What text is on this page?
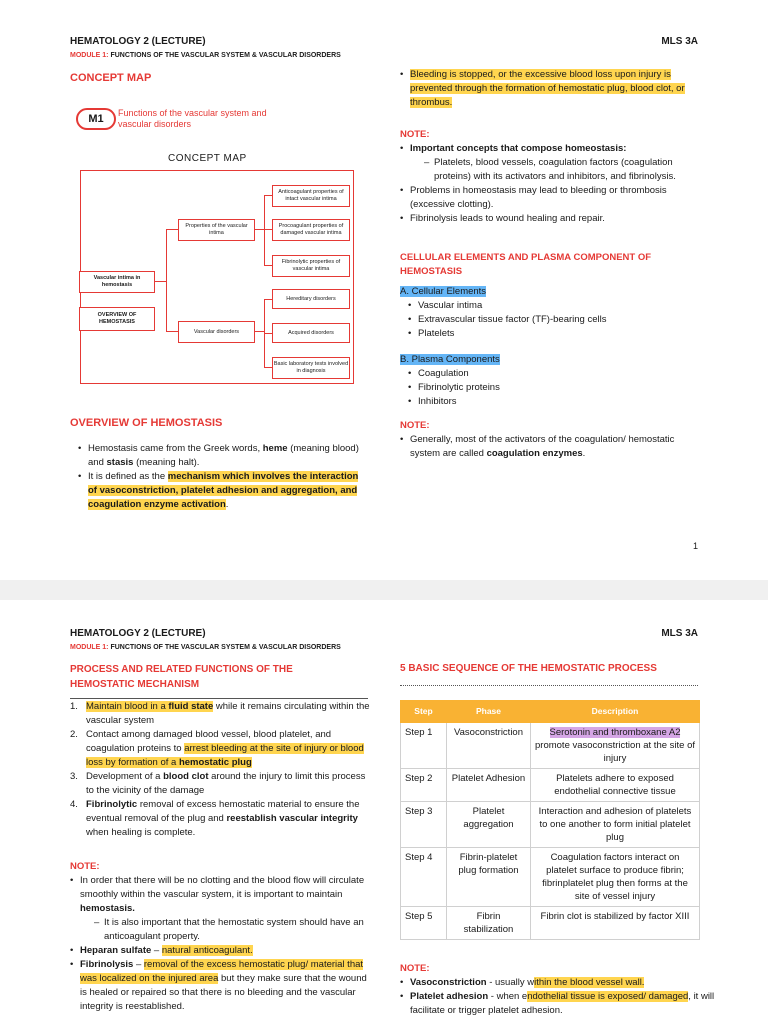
HEMATOLOGY 2 (LECTURE)	MLS 3A
MODULE 1: FUNCTIONS OF THE VASCULAR SYSTEM & VASCULAR DISORDERS
CONCEPT MAP
M1	Functions of the vascular system and vascular disorders
CONCEPT MAP
Vascular intima in hemostasis
OVERVIEW OF HEMOSTASIS
Properties of the vascular intima
Vascular disorders
Anticoagulant properties of intact vascular intima
Procoagulant properties of damaged vascular intima
Fibrinolytic properties of vascular intima
Hereditary disorders
Acquired disorders
Basic laboratory tests involved in diagnosis
OVERVIEW OF HEMOSTASIS
• Hemostasis came from the Greek words, heme (meaning blood) and stasis (meaning halt).
• It is defined as the mechanism which involves the interaction of vasoconstriction, platelet adhesion and aggregation, and coagulation enzyme activation.
• Bleeding is stopped, or the excessive blood loss upon injury is prevented through the formation of hemostatic plug, blood clot, or thrombus.
NOTE:
• Important concepts that compose homeostasis:
– Platelets, blood vessels, coagulation factors (coagulation proteins) with its activators and inhibitors, and fibrinolysis.
• Problems in homeostasis may lead to bleeding or thrombosis (excessive clotting).
• Fibrinolysis leads to wound healing and repair.
CELLULAR ELEMENTS AND PLASMA COMPONENT OF HEMOSTASIS
A. Cellular Elements
• Vascular intima
• Extravascular tissue factor (TF)-bearing cells
• Platelets
B. Plasma Components
• Coagulation
• Fibrinolytic proteins
• Inhibitors
NOTE:
• Generally, most of the activators of the coagulation/ hemostatic system are called coagulation enzymes.
1
HEMATOLOGY 2 (LECTURE)	MLS 3A
MODULE 1: FUNCTIONS OF THE VASCULAR SYSTEM & VASCULAR DISORDERS
PROCESS AND RELATED FUNCTIONS OF THE HEMOSTATIC MECHANISM
1. Maintain blood in a fluid state while it remains circulating within the vascular system
2. Contact among damaged blood vessel, blood platelet, and coagulation proteins to arrest bleeding at the site of injury or blood loss by formation of a hemostatic plug
3. Development of a blood clot around the injury to limit this process to the vicinity of the damage
4. Fibrinolytic removal of excess hemostatic material to ensure the eventual removal of the plug and reestablish vascular integrity when healing is complete.
NOTE:
• In order that there will be no clotting and the blood flow will circulate smoothly within the vascular system, it is important to maintain hemostasis.
– It is also important that the hemostatic system should have an anticoagulant property.
• Heparan sulfate – natural anticoagulant.
• Fibrinolysis – removal of the excess hemostatic plug/ material that was localized on the injured area but they make sure that the wound is healed or repaired so that there is no bleeding and the vascular integrity is reestablished.
5 BASIC SEQUENCE OF THE HEMOSTATIC PROCESS
Step	Phase	Description
Step 1	Vasoconstriction	Serotonin and thromboxane A2 promote vasoconstriction at the site of injury
Step 2	Platelet Adhesion	Platelets adhere to exposed endothelial connective tissue
Step 3	Platelet aggregation	Interaction and adhesion of platelets to one another to form initial platelet plug
Step 4	Fibrin-platelet plug formation	Coagulation factors interact on platelet surface to produce fibrin; fibrinplatelet plug then forms at the site of vessel injury
Step 5	Fibrin stabilization	Fibrin clot is stabilized by factor XIII
NOTE:
• Vasoconstriction - usually within the blood vessel wall.
• Platelet adhesion - when endothelial tissue is exposed/ damaged, it will facilitate or trigger platelet adhesion.
